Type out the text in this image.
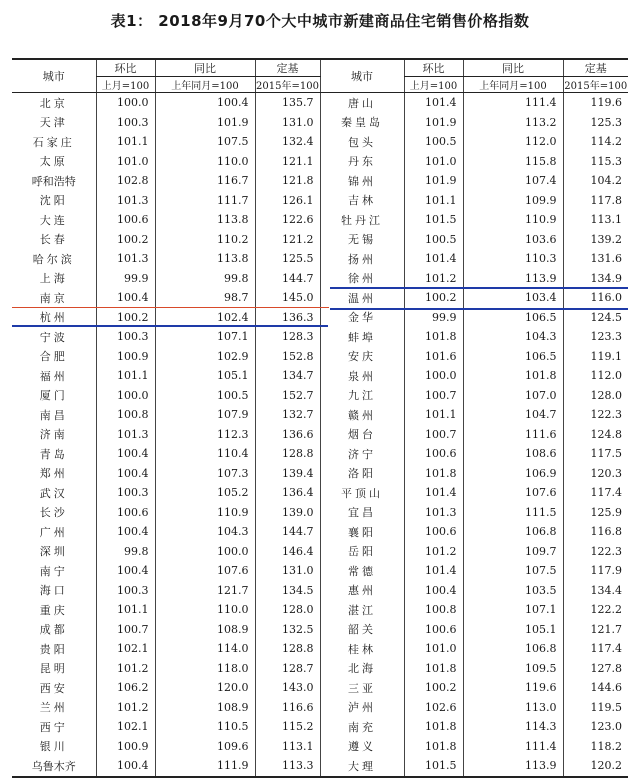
表1： 2018年9月70个大中城市新建商品住宅销售价格指数
城市	环比	同比	定基	城市	环比	同比	定基
	上月=100	上年同月=100	2015年=100		上月=100	上年同月=100	2015年=100
北京	100.0	100.4	135.7	唐山	101.4	111.4	119.6
天津	100.3	101.9	131.0	秦皇岛	101.9	113.2	125.3
石家庄	101.1	107.5	132.4	包头	100.5	112.0	114.2
太原	101.0	110.0	121.1	丹东	101.0	115.8	115.3
呼和浩特	102.8	116.7	121.8	锦州	101.9	107.4	104.2
沈阳	101.3	111.7	126.1	吉林	101.1	109.9	117.8
大连	100.6	113.8	122.6	牡丹江	101.5	110.9	113.1
长春	100.2	110.2	121.2	无锡	100.5	103.6	139.2
哈尔滨	101.3	113.8	125.5	扬州	101.4	110.3	131.6
上海	99.9	99.8	144.7	徐州	101.2	113.9	134.9
南京	100.4	98.7	145.0	温州	100.2	103.4	116.0
杭州	100.2	102.4	136.3	金华	99.9	106.5	124.5
宁波	100.3	107.1	128.3	蚌埠	101.8	104.3	123.3
合肥	100.9	102.9	152.8	安庆	101.6	106.5	119.1
福州	101.1	105.1	134.7	泉州	100.0	101.8	112.0
厦门	100.0	100.5	152.7	九江	100.7	107.0	128.0
南昌	100.8	107.9	132.7	赣州	101.1	104.7	122.3
济南	101.3	112.3	136.6	烟台	100.7	111.6	124.8
青岛	100.4	110.4	128.8	济宁	100.6	108.6	117.5
郑州	100.4	107.3	139.4	洛阳	101.8	106.9	120.3
武汉	100.3	105.2	136.4	平顶山	101.4	107.6	117.4
长沙	100.6	110.9	139.0	宜昌	101.3	111.5	125.9
广州	100.4	104.3	144.7	襄阳	100.6	106.8	116.8
深圳	99.8	100.0	146.4	岳阳	101.2	109.7	122.3
南宁	100.4	107.6	131.0	常德	101.4	107.5	117.9
海口	100.3	121.7	134.5	惠州	100.4	103.5	134.4
重庆	101.1	110.0	128.0	湛江	100.8	107.1	122.2
成都	100.7	108.9	132.5	韶关	100.6	105.1	121.7
贵阳	102.1	114.0	128.8	桂林	101.0	106.8	117.4
昆明	101.2	118.0	128.7	北海	101.8	109.5	127.8
西安	106.2	120.0	143.0	三亚	100.2	119.6	144.6
兰州	101.2	108.9	116.6	泸州	102.6	113.0	119.5
西宁	102.1	110.5	115.2	南充	101.8	114.3	123.0
银川	100.9	109.6	113.1	遵义	101.8	111.4	118.2
乌鲁木齐	100.4	111.9	113.3	大理	101.5	113.9	120.2
